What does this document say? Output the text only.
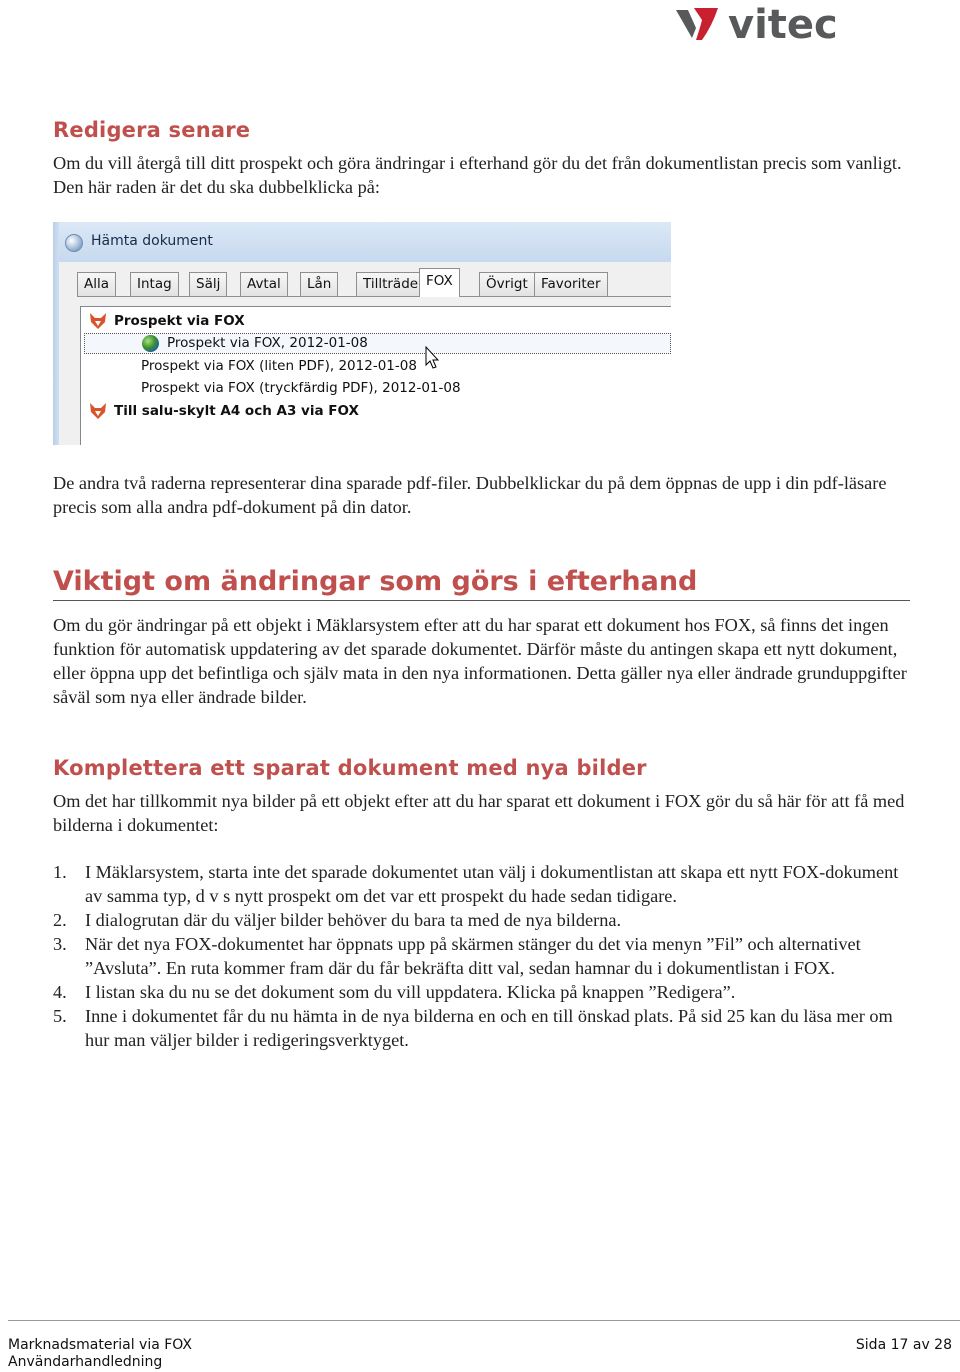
vitec
Redigera senare

Om du vill återgå till ditt prospekt och göra ändringar i efterhand gör du det från dokumentlistan precis som vanligt. Den här raden är det du ska dubbelklicka på:

Hämta dokument
Alla	Intag	Sälj	Avtal	Lån	Tillträde FOX	Övrigt Favoriter
Prospekt via FOX
Prospekt via FOX, 2012-01-08
Prospekt via FOX (liten PDF), 2012-01-08
Prospekt via FOX (tryckfärdig PDF), 2012-01-08
Till salu-skylt A4 och A3 via FOX

De andra två raderna representerar dina sparade pdf-filer. Dubbelklickar du på dem öppnas de upp i din pdf-läsare precis som alla andra pdf-dokument på din dator.

Viktigt om ändringar som görs i efterhand

Om du gör ändringar på ett objekt i Mäklarsystem efter att du har sparat ett dokument hos FOX, så finns det ingen funktion för automatisk uppdatering av det sparade dokumentet. Därför måste du antingen skapa ett nytt dokument, eller öppna upp det befintliga och själv mata in den nya informationen. Detta gäller nya eller ändrade grunduppgifter såväl som nya eller ändrade bilder.

Komplettera ett sparat dokument med nya bilder

Om det har tillkommit nya bilder på ett objekt efter att du har sparat ett dokument i FOX gör du så här för att få med bilderna i dokumentet:

1. I Mäklarsystem, starta inte det sparade dokumentet utan välj i dokumentlistan att skapa ett nytt FOX-dokument av samma typ, d v s nytt prospekt om det var ett prospekt du hade sedan tidigare.
2. I dialogrutan där du väljer bilder behöver du bara ta med de nya bilderna.
3. När det nya FOX-dokumentet har öppnats upp på skärmen stänger du det via menyn ”Fil” och alternativet ”Avsluta”. En ruta kommer fram där du får bekräfta ditt val, sedan hamnar du i dokumentlistan i FOX.
4. I listan ska du nu se det dokument som du vill uppdatera. Klicka på knappen ”Redigera”.
5. Inne i dokumentet får du nu hämta in de nya bilderna en och en till önskad plats. På sid 25 kan du läsa mer om hur man väljer bilder i redigeringsverktyget.
Marknadsmaterial via FOX
Användarhandledning
Sida 17 av 28
